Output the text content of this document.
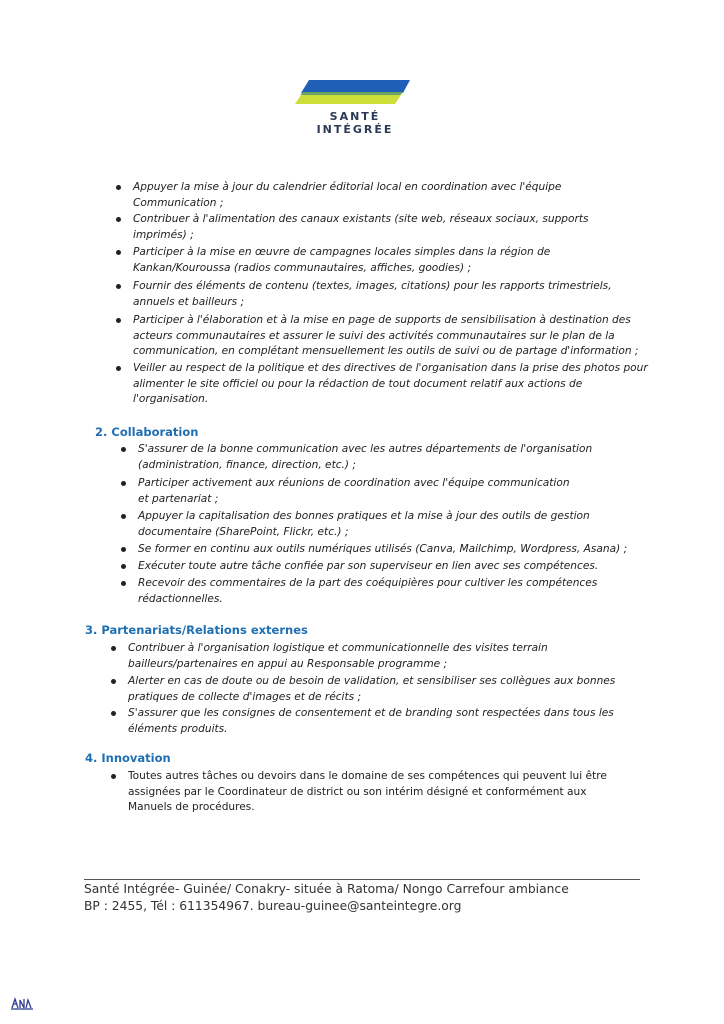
SANTÉ
INTÉGRÉE
Appuyer la mise à jour du calendrier éditorial local en coordination avec l'équipe Communication ;
Contribuer à l'alimentation des canaux existants (site web, réseaux sociaux, supports imprimés) ;
Participer à la mise en œuvre de campagnes locales simples dans la région de Kankan/Kouroussa (radios communautaires, affiches, goodies) ;
Fournir des éléments de contenu (textes, images, citations) pour les rapports trimestriels, annuels et bailleurs ;
Participer à l'élaboration et à la mise en page de supports de sensibilisation à destination des acteurs communautaires et assurer le suivi des activités communautaires sur le plan de la communication, en complétant mensuellement les outils de suivi ou de partage d'information ;
Veiller au respect de la politique et des directives de l'organisation dans la prise des photos pour alimenter le site officiel ou pour la rédaction de tout document relatif aux actions de l'organisation.
2. Collaboration
S'assurer de la bonne communication avec les autres départements de l'organisation (administration, finance, direction, etc.) ;
Participer activement aux réunions de coordination avec l'équipe communication et partenariat ;
Appuyer la capitalisation des bonnes pratiques et la mise à jour des outils de gestion documentaire (SharePoint, Flickr, etc.) ;
Se former en continu aux outils numériques utilisés (Canva, Mailchimp, Wordpress, Asana) ;
Exécuter toute autre tâche confiée par son superviseur en lien avec ses compétences.
Recevoir des commentaires de la part des coéquipières pour cultiver les compétences rédactionnelles.
3. Partenariats/Relations externes
Contribuer à l'organisation logistique et communicationnelle des visites terrain bailleurs/partenaires en appui au Responsable programme ;
Alerter en cas de doute ou de besoin de validation, et sensibiliser ses collègues aux bonnes pratiques de collecte d'images et de récits ;
S'assurer que les consignes de consentement et de branding sont respectées dans tous les éléments produits.
4. Innovation
Toutes autres tâches ou devoirs dans le domaine de ses compétences qui peuvent lui être assignées par le Coordinateur de district ou son intérim désigné et conformément aux Manuels de procédures.
Santé Intégrée- Guinée/ Conakry- située à Ratoma/ Nongo Carrefour ambiance
BP : 2455, Tél : 611354967. bureau-guinee@santeintegre.org
